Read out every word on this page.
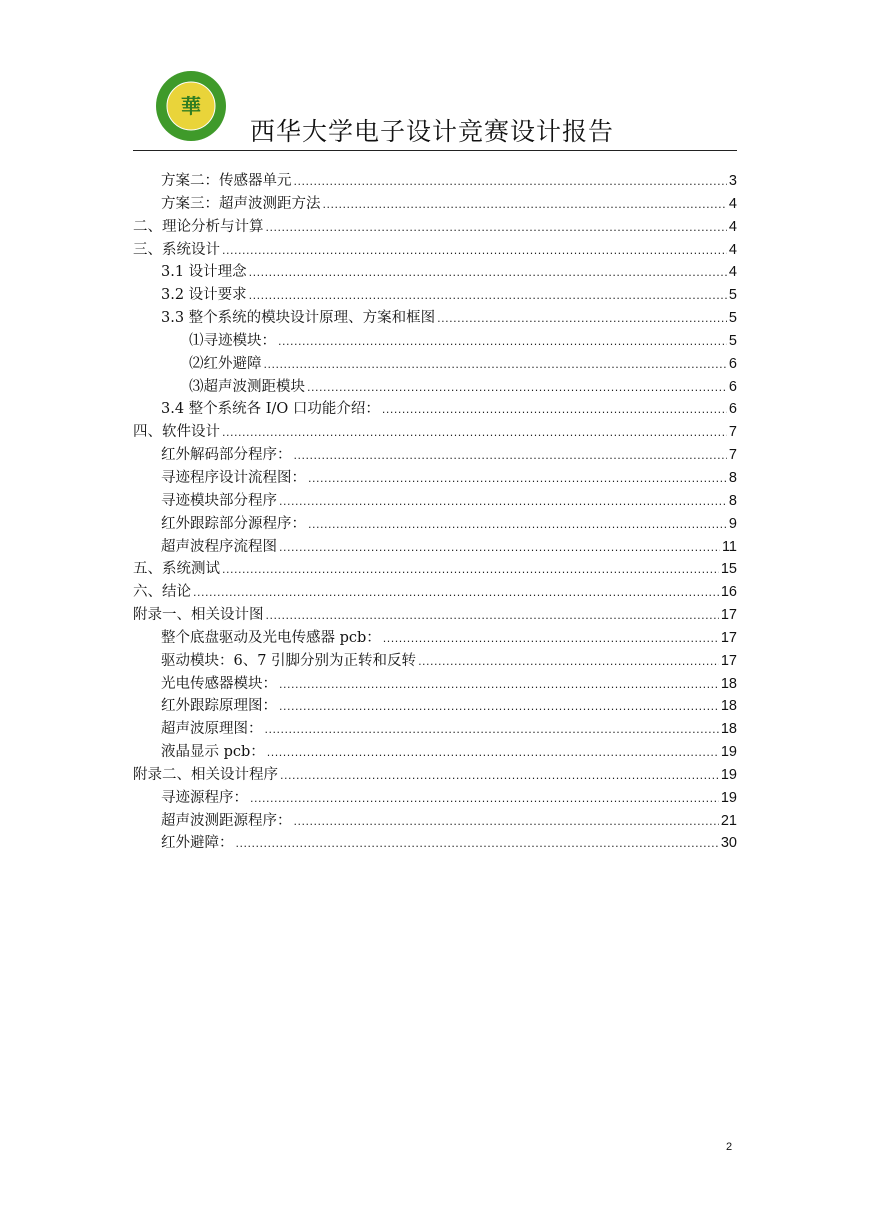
華
西华大学电子设计竞赛设计报告
方案二：传感器单元 .....	3
方案三：超声波测距方法 .....	4
二、理论分析与计算 .....	4
三、系统设计 .....	4
3.1 设计理念 .....	4
3.2 设计要求 .....	5
3.3 整个系统的模块设计原理、方案和框图 .....	5
⑴寻迹模块： .....	5
⑵红外避障 .....	6
⑶超声波测距模块 .....	6
3.4 整个系统各 I/O 口功能介绍： .....	6
四、软件设计 .....	7
红外解码部分程序： .....	7
寻迹程序设计流程图： .....	8
寻迹模块部分程序 .....	8
红外跟踪部分源程序： .....	9
超声波程序流程图 .....	11
五、系统测试 .....	15
六、结论 .....	16
附录一、相关设计图 .....	17
整个底盘驱动及光电传感器 pcb： .....	17
驱动模块：6、7 引脚分别为正转和反转 .....	17
光电传感器模块： .....	18
红外跟踪原理图： .....	18
超声波原理图： .....	18
液晶显示 pcb： .....	19
附录二、相关设计程序 .....	19
寻迹源程序： .....	19
超声波测距源程序： .....	21
红外避障： .....	30
2
